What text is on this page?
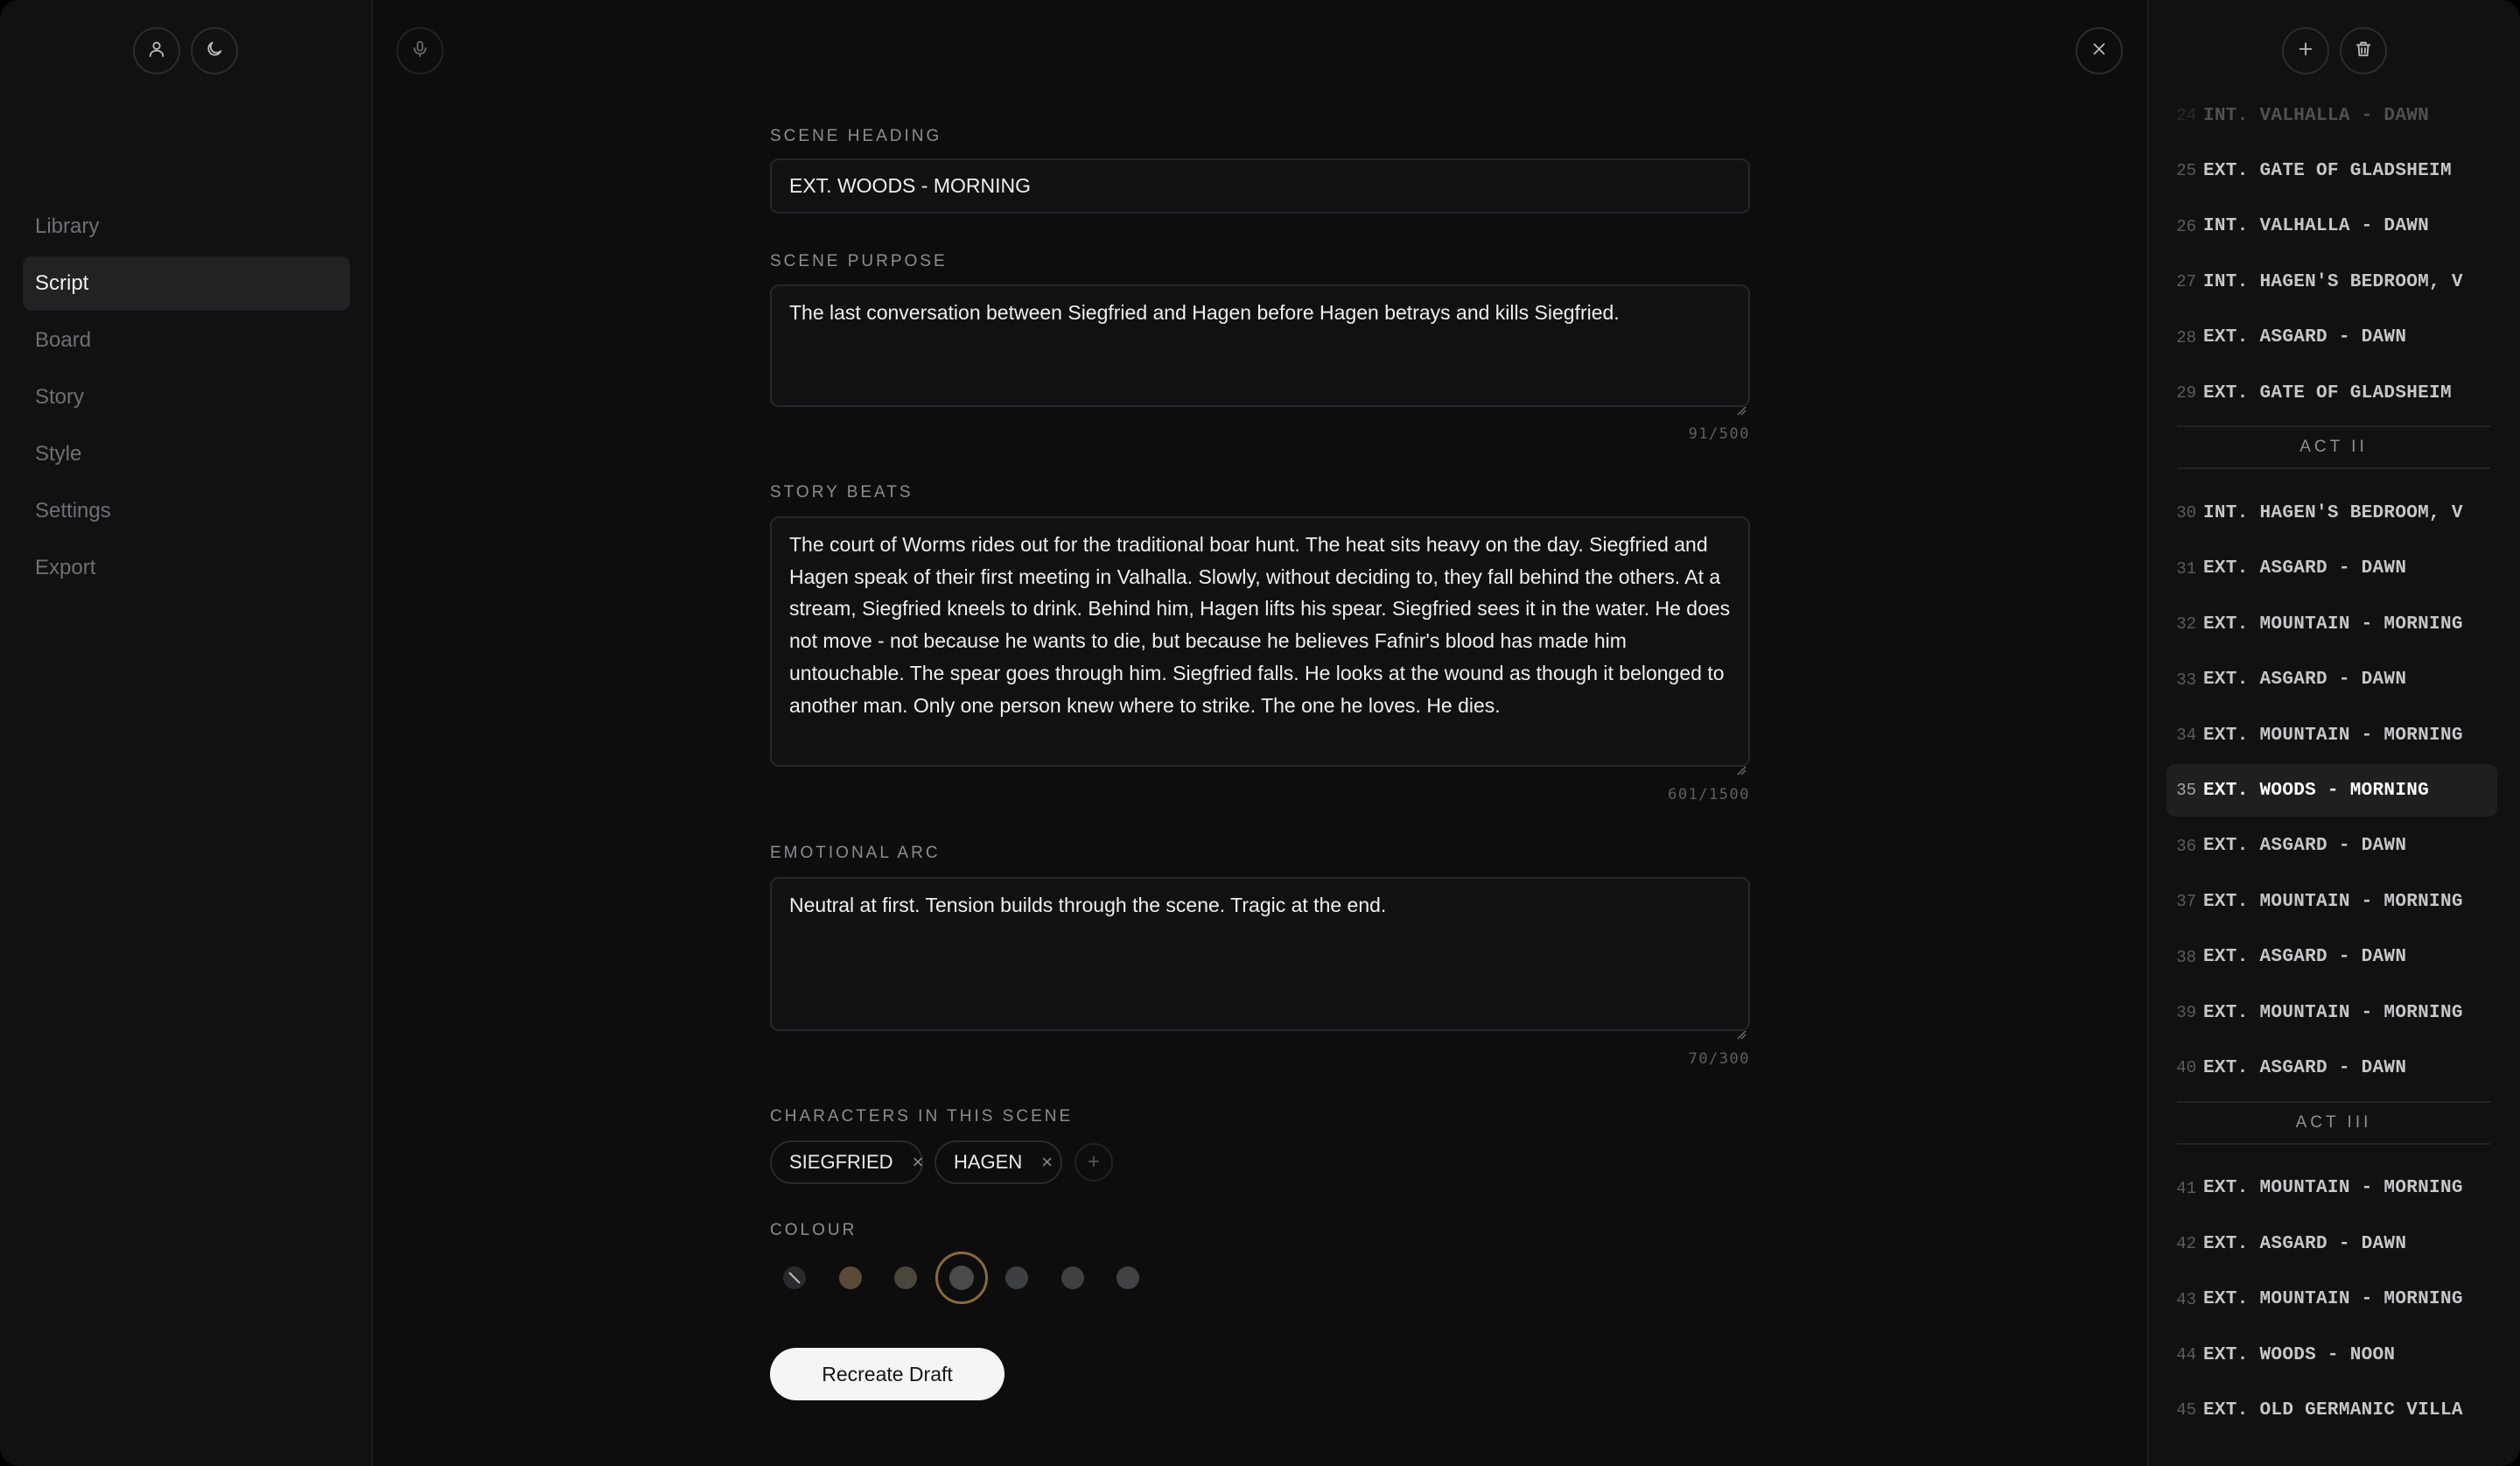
Library
Script
Board
Story
Style
Settings
Export
SCENE HEADING
EXT. WOODS - MORNING
SCENE PURPOSE
The last conversation between Siegfried and Hagen before Hagen betrays and kills Siegfried.
91/500
STORY BEATS
The court of Worms rides out for the traditional boar hunt. The heat sits heavy on the day. Siegfried and Hagen speak of their first meeting in Valhalla. Slowly, without deciding to, they fall behind the others. At a stream, Siegfried kneels to drink. Behind him, Hagen lifts his spear. Siegfried sees it in the water. He does not move - not because he wants to die, but because he believes Fafnir's blood has made him untouchable. The spear goes through him. Siegfried falls. He looks at the wound as though it belonged to another man. Only one person knew where to strike. The one he loves. He dies.
601/1500
EMOTIONAL ARC
Neutral at first. Tension builds through the scene. Tragic at the end.
70/300
CHARACTERS IN THIS SCENE
SIEGFRIED × HAGEN × +
COLOUR
Recreate Draft
24 INT. VALHALLA - DAWN
25 EXT. GATE OF GLADSHEIM
26 INT. VALHALLA - DAWN
27 INT. HAGEN'S BEDROOM, V
28 EXT. ASGARD - DAWN
29 EXT. GATE OF GLADSHEIM
ACT II
30 INT. HAGEN'S BEDROOM, V
31 EXT. ASGARD - DAWN
32 EXT. MOUNTAIN - MORNING
33 EXT. ASGARD - DAWN
34 EXT. MOUNTAIN - MORNING
35 EXT. WOODS - MORNING
36 EXT. ASGARD - DAWN
37 EXT. MOUNTAIN - MORNING
38 EXT. ASGARD - DAWN
39 EXT. MOUNTAIN - MORNING
40 EXT. ASGARD - DAWN
ACT III
41 EXT. MOUNTAIN - MORNING
42 EXT. ASGARD - DAWN
43 EXT. MOUNTAIN - MORNING
44 EXT. WOODS - NOON
45 EXT. OLD GERMANIC VILLA
